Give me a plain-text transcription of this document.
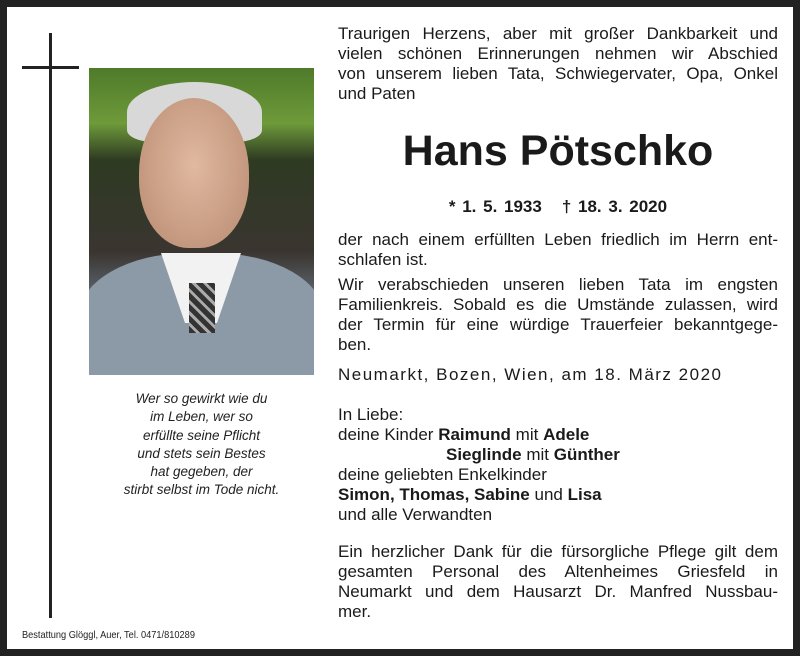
Wer so gewirkt wie du
im Leben, wer so
erfüllte seine Pflicht
und stets sein Bestes
hat gegeben, der
stirbt selbst im Tode nicht.
Bestattung Glöggl, Auer, Tel. 0471/810289
Traurigen Herzens, aber mit großer Dankbarkeit und
vielen schönen Erinnerungen nehmen wir Abschied
von unserem lieben Tata, Schwiegervater, Opa, Onkel
und Paten
Hans Pötschko
* 1. 5. 1933 † 18. 3. 2020
der nach einem erfüllten Leben friedlich im Herrn ent-
schlafen ist.
Wir verabschieden unseren lieben Tata im engsten
Familienkreis. Sobald es die Umstände zulassen, wird
der Termin für eine würdige Trauerfeier bekanntgege-
ben.
Neumarkt, Bozen, Wien, am 18. März 2020
In Liebe:
deine Kinder Raimund mit Adele
Sieglinde mit Günther
deine geliebten Enkelkinder
Simon, Thomas, Sabine und Lisa
und alle Verwandten
Ein herzlicher Dank für die fürsorgliche Pflege gilt dem
gesamten Personal des Altenheimes Griesfeld in
Neumarkt und dem Hausarzt Dr. Manfred Nussbau-
mer.
